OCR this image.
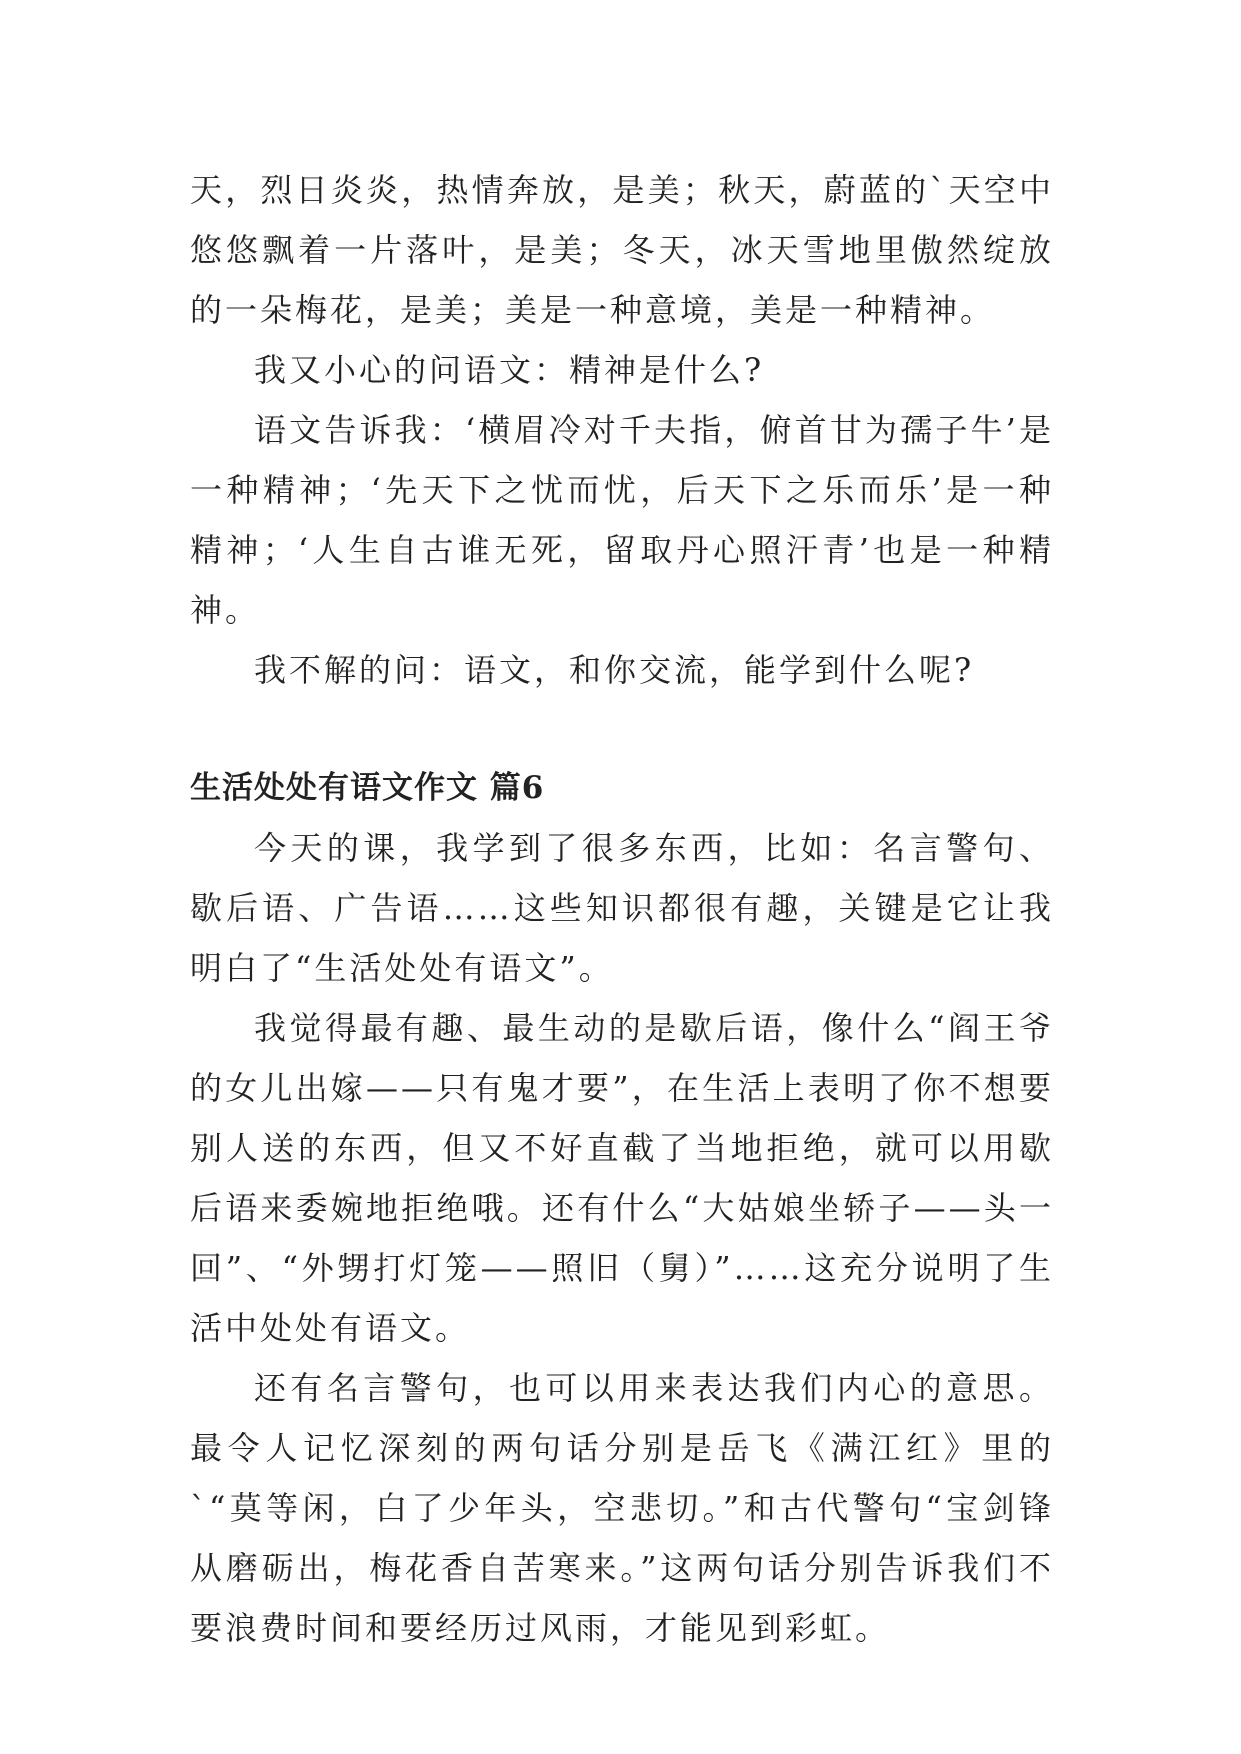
天，烈日炎炎，热情奔放，是美；秋天，蔚蓝的`天空中悠悠飘着一片落叶，是美；冬天，冰天雪地里傲然绽放的一朵梅花，是美；美是一种意境，美是一种精神。

我又小心的问语文：精神是什么?

语文告诉我：‘横眉冷对千夫指，俯首甘为孺子牛’是一种精神；‘先天下之忧而忧，后天下之乐而乐’是一种精神；‘人生自古谁无死，留取丹心照汗青’也是一种精神。

我不解的问：语文，和你交流，能学到什么呢?

生活处处有语文作文 篇6

今天的课，我学到了很多东西，比如：名言警句、歇后语、广告语……这些知识都很有趣，关键是它让我明白了“生活处处有语文”。

我觉得最有趣、最生动的是歇后语，像什么“阎王爷的女儿出嫁——只有鬼才要”，在生活上表明了你不想要别人送的东西，但又不好直截了当地拒绝，就可以用歇后语来委婉地拒绝哦。还有什么“大姑娘坐轿子——头一回”、“外甥打灯笼——照旧（舅）”……这充分说明了生活中处处有语文。

还有名言警句，也可以用来表达我们内心的意思。最令人记忆深刻的两句话分别是岳飞《满江红》里的`“莫等闲，白了少年头，空悲切。”和古代警句“宝剑锋从磨砺出，梅花香自苦寒来。”这两句话分别告诉我们不要浪费时间和要经历过风雨，才能见到彩虹。
